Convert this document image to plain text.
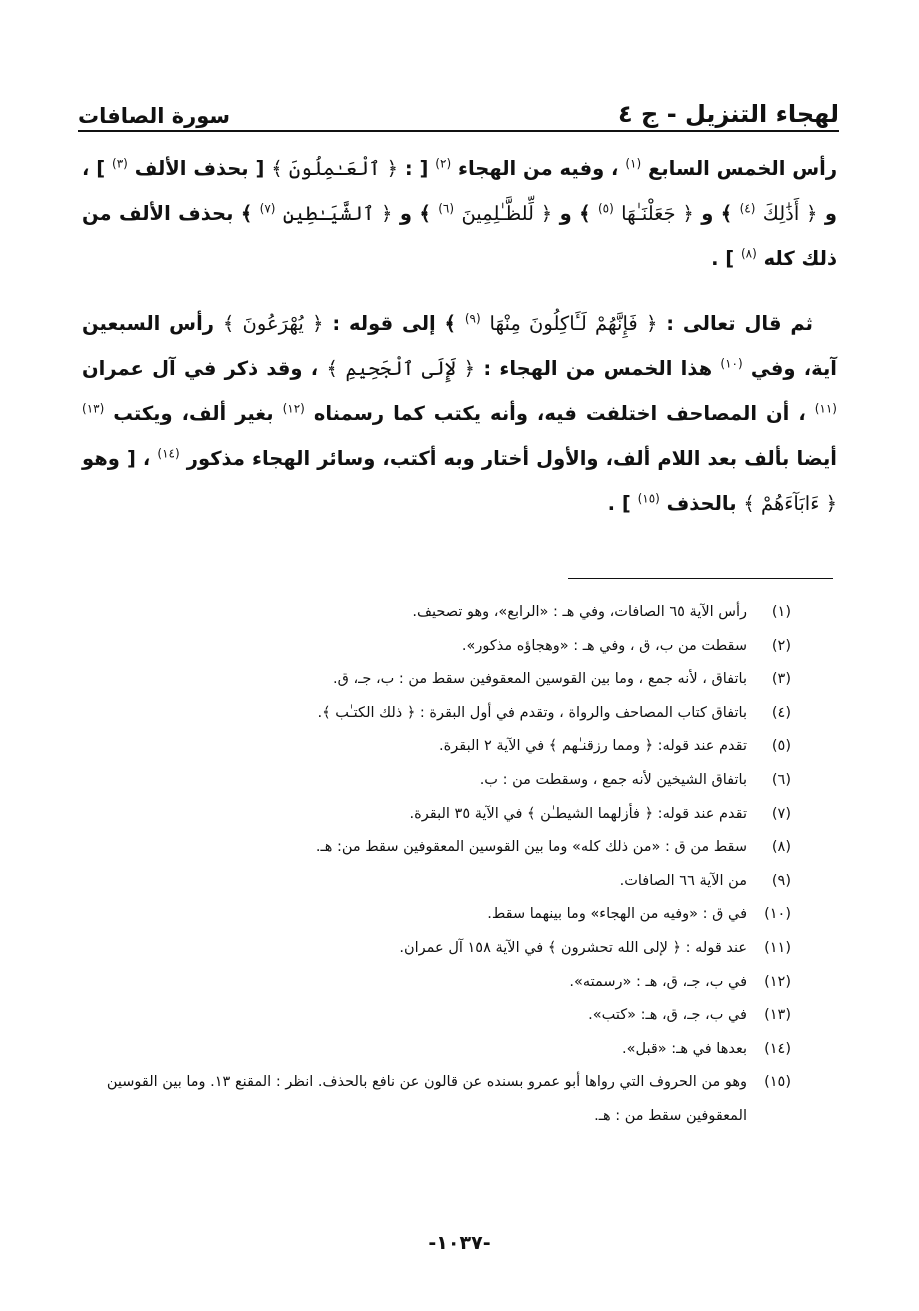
لهجاء التنزيل - ج ٤
سورة الصافات

رأس الخمس السابع $^{(١)}$ ، وفيه من الهجاء $^{(٢)}$ [ : ﴿ ٱلْعَـٰمِلُونَ ﴾ [ بحذف الألف $^{(٣)}$ ] ، و ﴿ أَذَٰلِكَ $^{(٤)}$ ﴾ و ﴿ جَعَلْنَـٰهَا $^{(٥)}$ ﴾ و ﴿ لِّلظَّـٰلِمِينَ $^{(٦)}$ ﴾ و ﴿ ٱلشَّيَـٰطِينِ $^{(٧)}$ ﴾ بحذف الألف من ذلك كله $^{(٨)}$ ] .

ثم قال تعالى : ﴿ فَإِنَّهُمْ لَـَٔاكِلُونَ مِنْهَا $^{(٩)}$ ﴾ إلى قوله : ﴿ يُهْرَعُونَ ﴾ رأس السبعين آية، وفي $^{(١٠)}$ هذا الخمس من الهجاء : ﴿ لَإِلَى ٱلْجَحِيمِ ﴾ ، وقد ذكر في آل عمران $^{(١١)}$ ، أن المصاحف اختلفت فيه، وأنه يكتب كما رسمناه $^{(١٢)}$ بغير ألف، ويكتب $^{(١٣)}$ أيضا بألف بعد اللام ألف، والأول أختار وبه أكتب، وسائر الهجاء مذكور $^{(١٤)}$ ، [ وهو ﴿ ءَابَآءَهُمْ ﴾ بالحذف $^{(١٥)}$ ] .

(١)
رأس الآية ٦٥ الصافات، وفي هـ : «الرابع»، وهو تصحيف.
(٢)
سقطت من ب، ق ، وفي هـ : «وهجاؤه مذكور».
(٣)
باتفاق ، لأنه جمع ، وما بين القوسين المعقوفين سقط من : ب، جـ، ق.
(٤)
باتفاق كتاب المصاحف والرواة ، وتقدم في أول البقرة : ﴿ ذلك الكتـٰب ﴾.
(٥)
تقدم عند قوله: ﴿ ومما رزقنـٰهم ﴾ في الآية ٢ البقرة.
(٦)
باتفاق الشيخين لأنه جمع ، وسقطت من : ب.
(٧)
تقدم عند قوله: ﴿ فأزلهما الشيطـٰن ﴾ في الآية ٣٥ البقرة.
(٨)
سقط من ق : «من ذلك كله» وما بين القوسين المعقوفين سقط من: هـ.
(٩)
من الآية ٦٦ الصافات.
(١٠)
في ق : «وفيه من الهجاء» وما بينهما سقط.
(١١)
عند قوله : ﴿ لإلى الله تحشرون ﴾ في الآية ١٥٨ آل عمران.
(١٢)
في ب، جـ، ق، هـ : «رسمته».
(١٣)
في ب، جـ، ق، هـ: «كتب».
(١٤)
بعدها في هـ: «قبل».
(١٥)
وهو من الحروف التي رواها أبو عمرو بسنده عن قالون عن نافع بالحذف. انظر : المقنع ١٣. وما بين القوسين المعقوفين سقط من : هـ.
-١٠٣٧-
